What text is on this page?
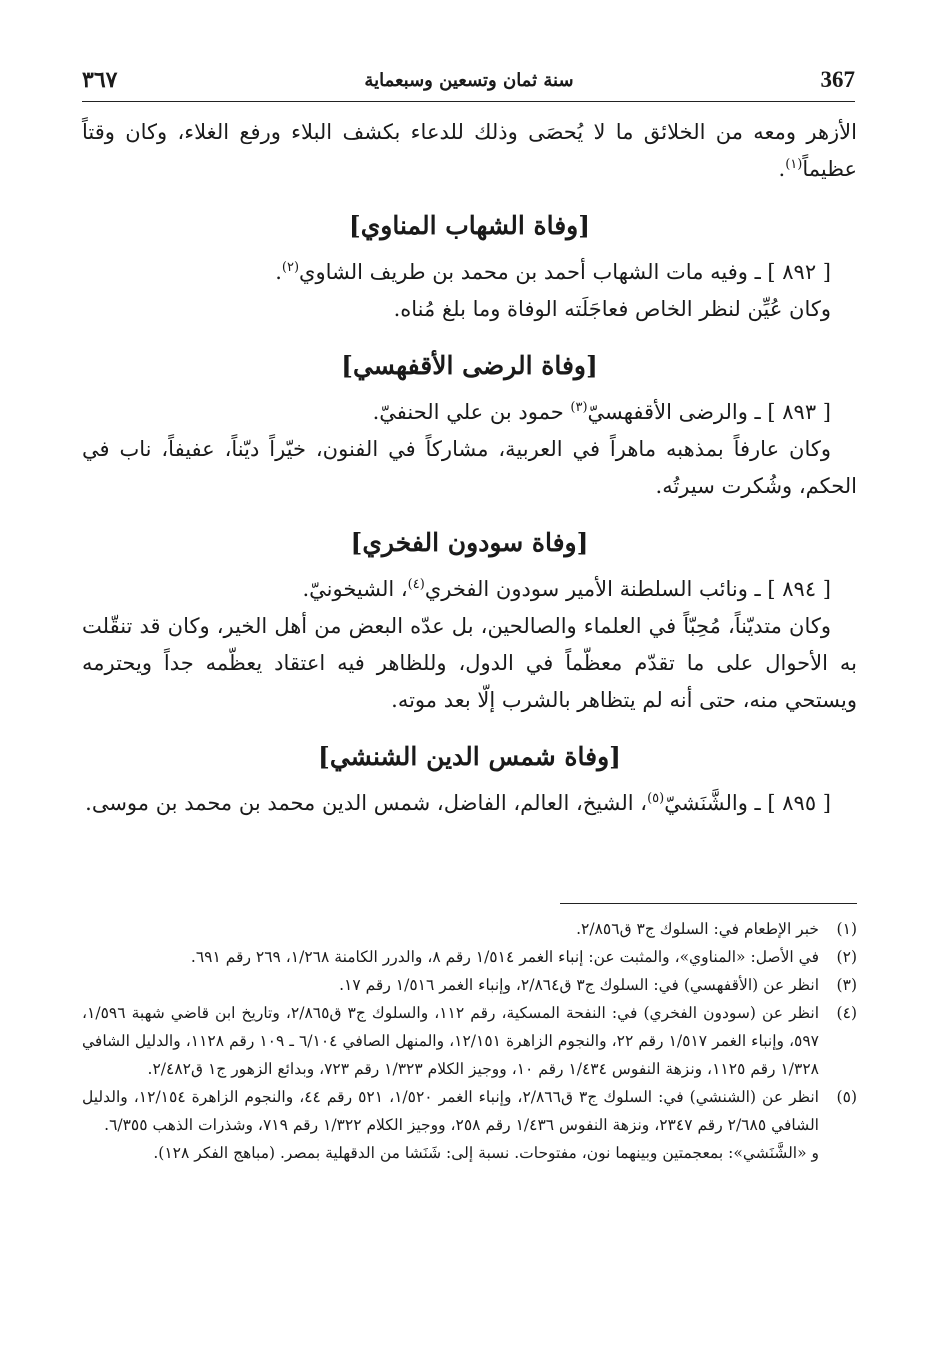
٣٦٧	سنة ثمان وتسعين وسبعماية	367

الأزهر ومعه من الخلائق ما لا يُحصَى وذلك للدعاء بكشف البلاء ورفع الغلاء، وكان وقتاً عظيماً$^{(١)}$.

[وفاة الشهاب المناوي]

[ ٨٩٢ ] ـ وفيه مات الشهاب أحمد بن محمد بن طريف الشاوي$^{(٢)}$.

وكان عُيِّن لنظر الخاص فعاجَلَته الوفاة وما بلغ مُناه.

[وفاة الرضى الأقفهسي]

[ ٨٩٣ ] ـ والرضى الأقفهسيّ$^{(٣)}$ حمود بن علي الحنفيّ.

وكان عارفاً بمذهبه ماهراً في العربية، مشاركاً في الفنون، خيّراً ديّناً، عفيفاً، ناب في الحكم، وشُكرت سيرتُه.

[وفاة سودون الفخري]

[ ٨٩٤ ] ـ ونائب السلطنة الأمير سودون الفخري$^{(٤)}$، الشيخونيّ.

وكان متديّناً، مُحِبّاً في العلماء والصالحين، بل عدّه البعض من أهل الخير، وكان قد تنقّلت به الأحوال على ما تقدّم معظّماً في الدول، وللظاهر فيه اعتقاد يعظّمه جداً ويحترمه ويستحي منه، حتى أنه لم يتظاهر بالشرب إلّا بعد موته.

[وفاة شمس الدين الشنشي]

[ ٨٩٥ ] ـ والشَّنَشيّ$^{(٥)}$، الشيخ، العالم، الفاضل، شمس الدين محمد بن محمد بن موسى.

(١)
خبر الإطعام في: السلوك ج٣ ق٢/٨٥٦.

(٢)
في الأصل: «المناوي»، والمثبت عن: إنباء الغمر ١/٥١٤ رقم ٨، والدرر الكامنة ١/٢٦٨، ٢٦٩ رقم ٦٩١.

(٣)
انظر عن (الأقفهسي) في: السلوك ج٣ ق٢/٨٦٤، وإنباء الغمر ١/٥١٦ رقم ١٧.

(٤)
انظر عن (سودون الفخري) في: النفحة المسكية، رقم ١١٢، والسلوك ج٣ ق٢/٨٦٥، وتاريخ ابن قاضي شهبة ١/٥٩٦، ٥٩٧، وإنباء الغمر ١/٥١٧ رقم ٢٢، والنجوم الزاهرة ١٢/١٥١، والمنهل الصافي ٦/١٠٤ ـ ١٠٩ رقم ١١٢٨، والدليل الشافي ١/٣٢٨ رقم ١١٢٥، ونزهة النفوس ١/٤٣٤ رقم ١٠، ووجيز الكلام ١/٣٢٣ رقم ٧٢٣، وبدائع الزهور ج١ ق٢/٤٨٢.

(٥)
انظر عن (الشنشي) في: السلوك ج٣ ق٢/٨٦٦، وإنباء الغمر ١/٥٢٠، ٥٢١ رقم ٤٤، والنجوم الزاهرة ١٢/١٥٤، والدليل الشافي ٢/٦٨٥ رقم ٢٣٤٧، ونزهة النفوس ١/٤٣٦ رقم ٢٥٨، ووجيز الكلام ١/٣٢٢ رقم ٧١٩، وشذرات الذهب ٦/٣٥٥.

و «الشَّنَشي»: بمعجمتين وبينهما نون، مفتوحات. نسبة إلى: شَنَشا من الدقهلية بمصر. (مباهج الفكر ١٢٨).
